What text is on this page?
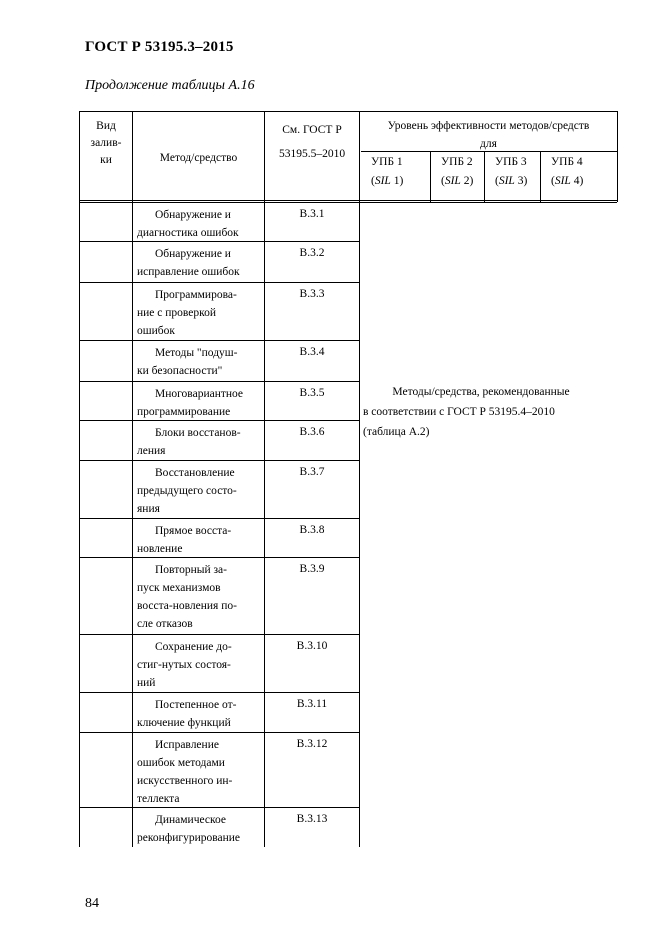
ГОСТ Р 53195.3–2015
Продолжение таблицы А.16
Вид
залив-
ки	Метод/средство
См. ГОСТ Р
53195.5–2010
Уровень эффективности методов/средств
для
УПБ 1
(SIL 1)
УПБ 2
(SIL 2)
УПБ 3
(SIL 3)
УПБ 4
(SIL 4)
Обнаружение и
диагностика ошибок
В.3.1
Обнаружение и
исправление ошибок
В.3.2
Программирова-
ние с проверкой
ошибок
В.3.3
Методы "подуш-
ки безопасности"
В.3.4
Многовариантное
программирование
В.3.5
Блоки восстанов-
ления
В.3.6
Восстановление
предыдущего состо-
яния
В.3.7
Прямое восста-
новление
В.3.8
Повторный за-
пуск механизмов
восста-новления по-
сле отказов
В.3.9
Сохранение до-
стиг-нутых состоя-
ний
В.3.10
Постепенное от-
ключение функций
В.3.11
Исправление
ошибок методами
искусственного ин-
теллекта
В.3.12
Динамическое
реконфигурирование
В.3.13
Методы/средства, рекомендованные
в соответствии с ГОСТ Р 53195.4–2010
(таблица А.2)
84
